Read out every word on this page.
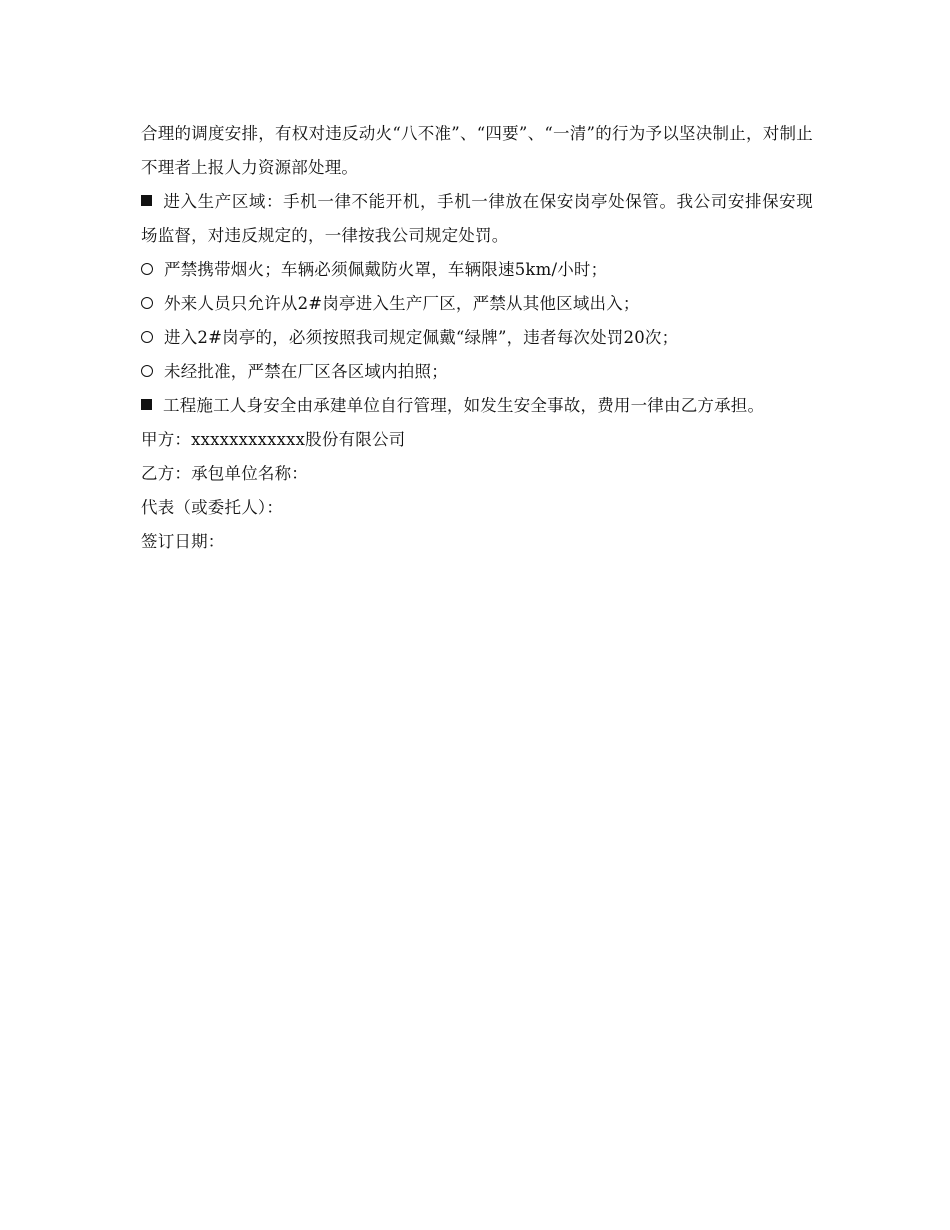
合理的调度安排，有权对违反动火“八不准”、“四要”、“一清”的行为予以坚决制止，对制止不理者上报人力资源部处理。

进入生产区域：手机一律不能开机，手机一律放在保安岗亭处保管。我公司安排保安现场监督，对违反规定的，一律按我公司规定处罚。

严禁携带烟火；车辆必须佩戴防火罩，车辆限速5km/小时；

外来人员只允许从2#岗亭进入生产厂区，严禁从其他区域出入；

进入2#岗亭的，必须按照我司规定佩戴“绿牌”，违者每次处罚20次；

未经批准，严禁在厂区各区域内拍照；

工程施工人身安全由承建单位自行管理，如发生安全事故，费用一律由乙方承担。

甲方：xxxxxxxxxxxx股份有限公司

乙方：承包单位名称：

代表（或委托人）：

签订日期：
